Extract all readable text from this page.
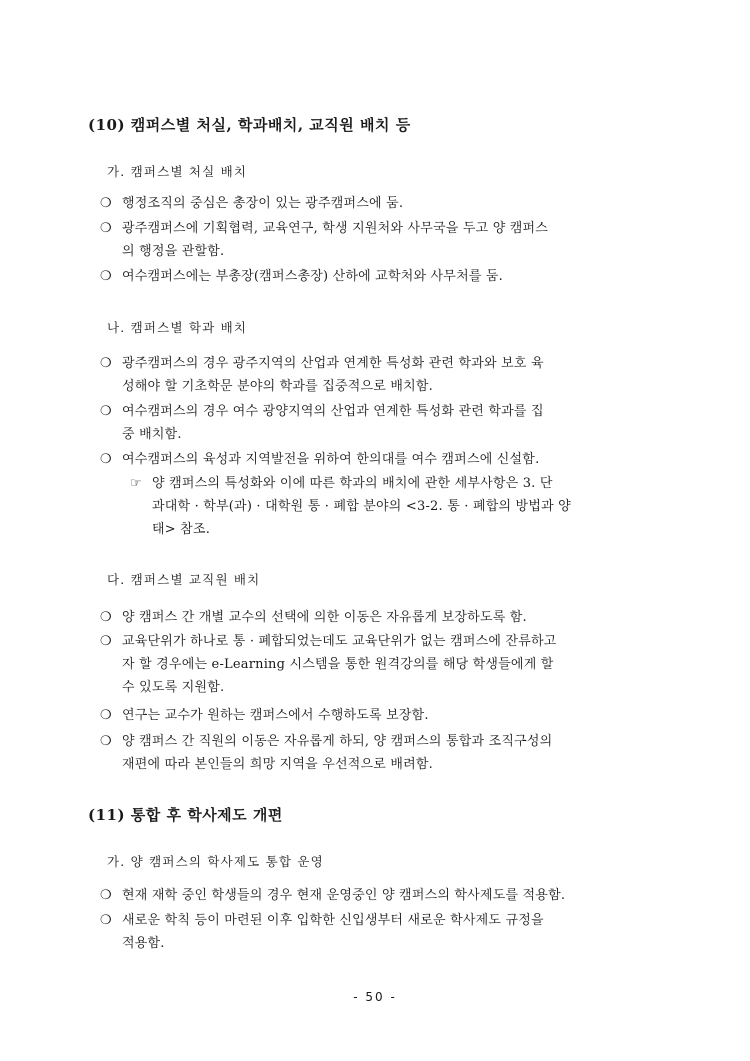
(10) 캠퍼스별 처실, 학과배치, 교직원 배치 등
가. 캠퍼스별 처실 배치
❍ 행정조직의 중심은 총장이 있는 광주캠퍼스에 둠.
❍ 광주캠퍼스에 기획협력, 교육연구, 학생 지원처와 사무국을 두고 양 캠퍼스
의 행정을 관할함.
❍ 여수캠퍼스에는 부총장(캠퍼스총장) 산하에 교학처와 사무처를 둠.
나. 캠퍼스별 학과 배치
❍ 광주캠퍼스의 경우 광주지역의 산업과 연계한 특성화 관련 학과와 보호 육
성해야 할 기초학문 분야의 학과를 집중적으로 배치함.
❍ 여수캠퍼스의 경우 여수 광양지역의 산업과 연계한 특성화 관련 학과를 집
중 배치함.
❍ 여수캠퍼스의 육성과 지역발전을 위하여 한의대를 여수 캠퍼스에 신설함.
☞ 양 캠퍼스의 특성화와 이에 따른 학과의 배치에 관한 세부사항은 3. 단
과대학 · 학부(과) · 대학원 통 · 폐합 분야의 <3-2. 통 · 폐합의 방법과 양
태> 참조.
다. 캠퍼스별 교직원 배치
❍ 양 캠퍼스 간 개별 교수의 선택에 의한 이동은 자유롭게 보장하도록 함.
❍ 교육단위가 하나로 통 · 폐합되었는데도 교육단위가 없는 캠퍼스에 잔류하고
자 할 경우에는 e-Learning 시스템을 통한 원격강의를 해당 학생들에게 할
수 있도록 지원함.
❍ 연구는 교수가 원하는 캠퍼스에서 수행하도록 보장함.
❍ 양 캠퍼스 간 직원의 이동은 자유롭게 하되, 양 캠퍼스의 통합과 조직구성의
재편에 따라 본인들의 희망 지역을 우선적으로 배려함.
(11) 통합 후 학사제도 개편
가. 양 캠퍼스의 학사제도 통합 운영
❍ 현재 재학 중인 학생들의 경우 현재 운영중인 양 캠퍼스의 학사제도를 적용함.
❍ 새로운 학칙 등이 마련된 이후 입학한 신입생부터 새로운 학사제도 규정을
적용함.
- 50 -
